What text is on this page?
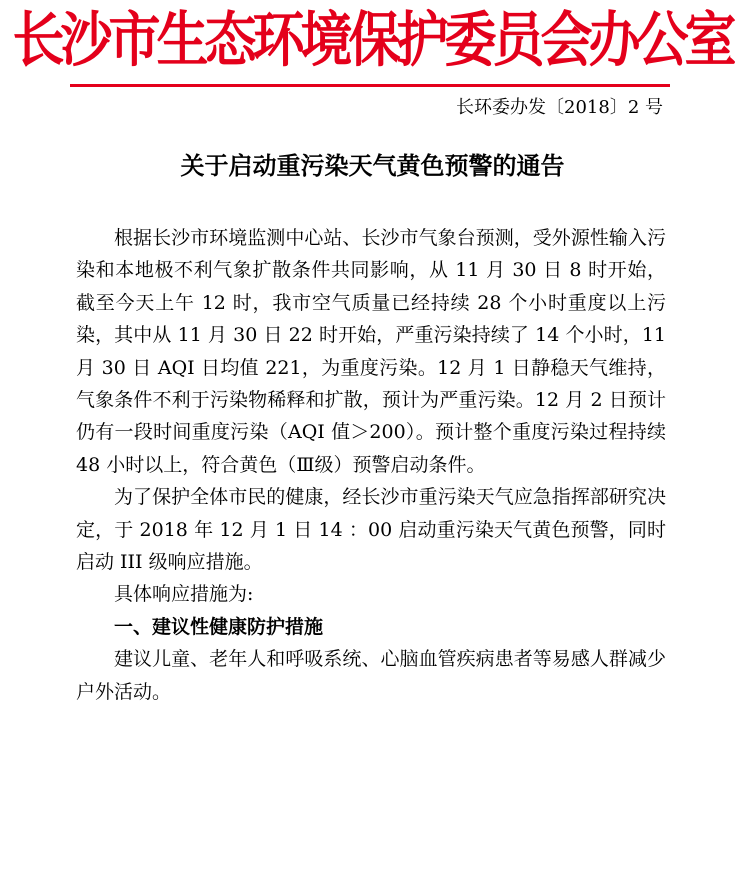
长沙市生态环境保护委员会办公室
长环委办发〔2018〕2 号
关于启动重污染天气黄色预警的通告

根据长沙市环境监测中心站、长沙市气象台预测，受外源性输入污染和本地极不利气象扩散条件共同影响，从 11 月 30 日 8 时开始，截至今天上午 12 时，我市空气质量已经持续 28 个小时重度以上污染，其中从 11 月 30 日 22 时开始，严重污染持续了 14 个小时，11 月 30 日 AQI 日均值 221，为重度污染。12 月 1 日静稳天气维持，气象条件不利于污染物稀释和扩散，预计为严重污染。12 月 2 日预计仍有一段时间重度污染（AQI 值＞200）。预计整个重度污染过程持续 48 小时以上，符合黄色（Ⅲ级）预警启动条件。

为了保护全体市民的健康，经长沙市重污染天气应急指挥部研究决定，于 2018 年 12 月 1 日 14 ：00 启动重污染天气黄色预警，同时启动 III 级响应措施。

具体响应措施为:

一、建议性健康防护措施

建议儿童、老年人和呼吸系统、心脑血管疾病患者等易感人群减少户外活动。
